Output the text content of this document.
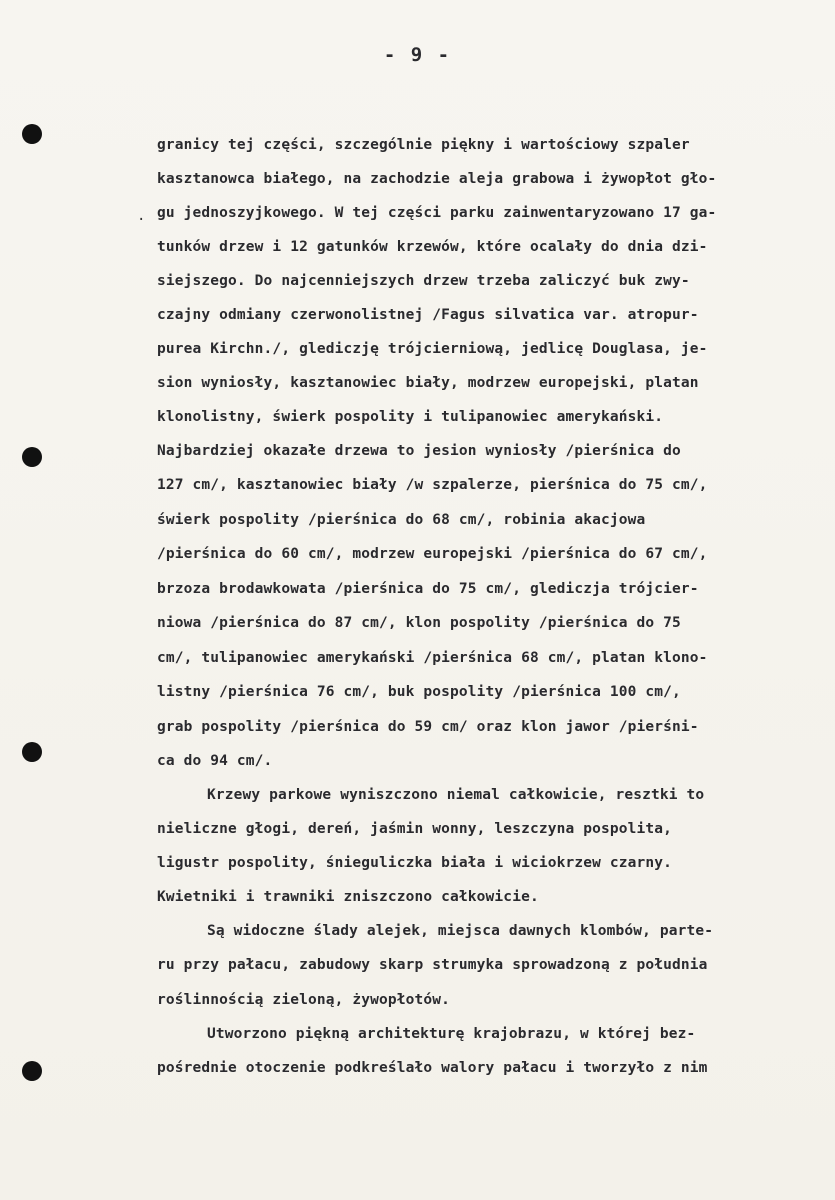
- 9 -
.
granicy tej części, szczególnie piękny i wartościowy szpaler
kasztanowca białego, na zachodzie aleja grabowa i żywopłot gło-
gu jednoszyjkowego. W tej części parku zainwentaryzowano 17 ga-
tunków drzew i 12 gatunków krzewów, które ocalały do dnia dzi-
siejszego. Do najcenniejszych drzew trzeba zaliczyć buk zwy-
czajny odmiany czerwonolistnej /Fagus silvatica var. atropur-
purea Kirchn./, glediczję trójcierniową, jedlicę Douglasa, je-
sion wyniosły, kasztanowiec biały, modrzew europejski, platan
klonolistny, świerk pospolity i tulipanowiec amerykański.
Najbardziej okazałe drzewa to jesion wyniosły /pierśnica do
127 cm/, kasztanowiec biały /w szpalerze, pierśnica do 75 cm/,
świerk pospolity /pierśnica do 68 cm/, robinia akacjowa
/pierśnica do 60 cm/, modrzew europejski /pierśnica do 67 cm/,
brzoza brodawkowata /pierśnica do 75 cm/, glediczja trójcier-
niowa /pierśnica do 87 cm/, klon pospolity /pierśnica do 75
cm/, tulipanowiec amerykański /pierśnica 68 cm/, platan klono-
listny /pierśnica 76 cm/, buk pospolity /pierśnica 100 cm/,
grab pospolity /pierśnica do 59 cm/ oraz klon jawor /pierśni-
ca do 94 cm/.
Krzewy parkowe wyniszczono niemal całkowicie, resztki to
nieliczne głogi, dereń, jaśmin wonny, leszczyna pospolita,
ligustr pospolity, śnieguliczka biała i wiciokrzew czarny.
Kwietniki i trawniki zniszczono całkowicie.
Są widoczne ślady alejek, miejsca dawnych klombów, parte-
ru przy pałacu, zabudowy skarp strumyka sprowadzoną z południa
roślinnością zieloną, żywopłotów.
Utworzono piękną architekturę krajobrazu, w której bez-
pośrednie otoczenie podkreślało walory pałacu i tworzyło z nim
